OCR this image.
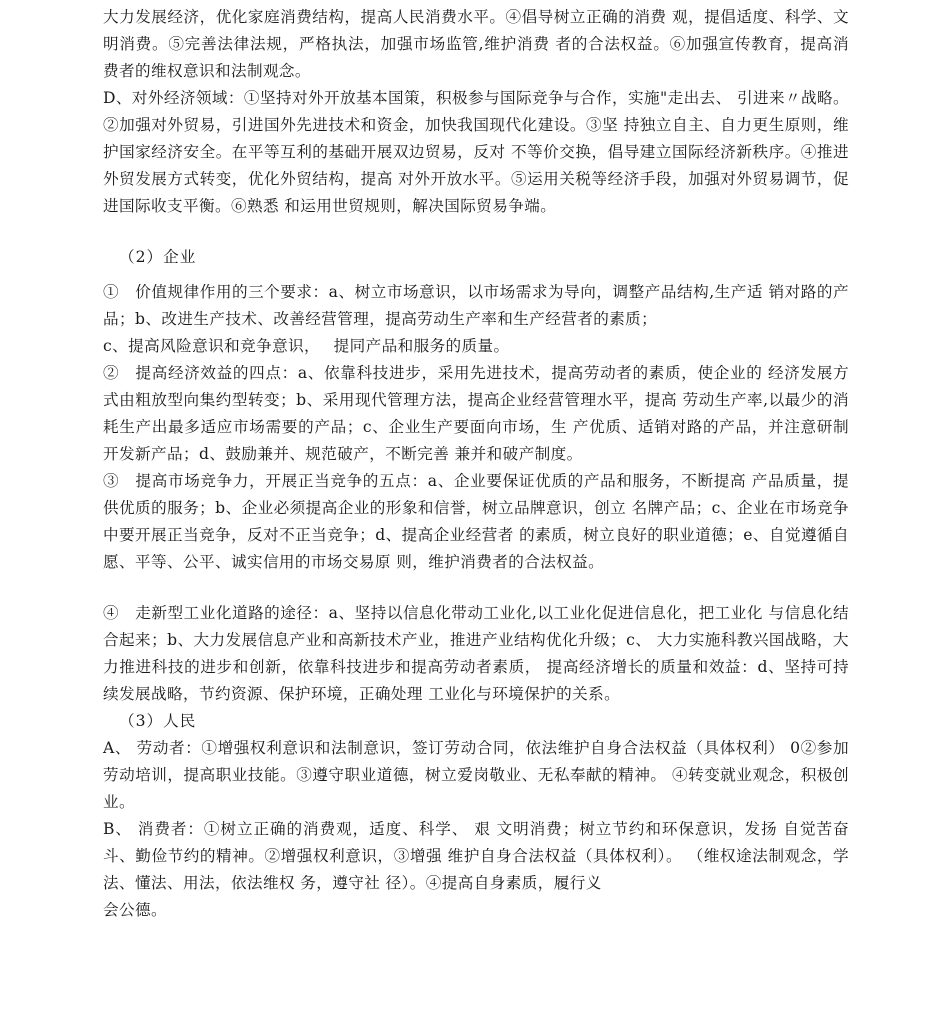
大力发展经济，优化家庭消费结构，提高人民消费水平。④倡导树立正确的消费 观，提倡适度、科学、文明消费。⑤完善法律法规，严格执法，加强市场监管,维护消费 者的合法权益。⑥加强宣传教育，提高消费者的维权意识和法制观念。

D、对外经济领域：①坚持对外开放基本国策，积极参与国际竞争与合作，实施"走出去、 引进来〃战略。②加强对外贸易，引进国外先进技术和资金，加快我国现代化建设。③坚 持独立自主、自力更生原则，维护国家经济安全。在平等互利的基础开展双边贸易，反对 不等价交换，倡导建立国际经济新秩序。④推进外贸发展方式转变，优化外贸结构，提高 对外开放水平。⑤运用关税等经济手段，加强对外贸易调节，促进国际收支平衡。⑥熟悉 和运用世贸规则，解决国际贸易争端。

（2）企业

①　价值规律作用的三个要求：a、树立市场意识，以市场需求为导向，调整产品结构,生产适 销对路的产品；b、改进生产技术、改善经营管理，提高劳动生产率和生产经营者的素质；

c、提高风险意识和竞争意识，　 提同产品和服务的质量。

②　提高经济效益的四点：a、依靠科技进步，采用先进技术，提高劳动者的素质，使企业的 经济发展方式由粗放型向集约型转变；b、采用现代管理方法，提高企业经营管理水平，提高 劳动生产率,以最少的消耗生产出最多适应市场需要的产品；c、企业生产要面向市场，生 产优质、适销对路的产品，并注意研制开发新产品；d、鼓励兼并、规范破产，不断完善 兼并和破产制度。

③　提高市场竞争力，开展正当竞争的五点：a、企业要保证优质的产品和服务，不断提高 产品质量，提供优质的服务；b、企业必须提高企业的形象和信誉，树立品牌意识，创立 名牌产品；c、企业在市场竞争中要开展正当竞争，反对不正当竞争；d、提高企业经营者 的素质，树立良好的职业道德；e、自觉遵循自愿、平等、公平、诚实信用的市场交易原 则，维护消费者的合法权益。

④　走新型工业化道路的途径：a、坚持以信息化带动工业化,以工业化促进信息化，把工业化 与信息化结合起来；b、大力发展信息产业和高新技术产业，推进产业结构优化升级；c、 大力实施科教兴国战略，大力推进科技的进步和创新，依靠科技进步和提高劳动者素质， 提高经济增长的质量和效益：d、坚持可持续发展战略，节约资源、保护环境，正确处理 工业化与环境保护的关系。

（3）人民

A、 劳动者：①增强权利意识和法制意识，签订劳动合同，依法维护自身合法权益（具体权利） 0②参加劳动培训，提高职业技能。③遵守职业道德，树立爱岗敬业、无私奉献的精神。 ④转变就业观念，积极创业。

B、 消费者：①树立正确的消费观，适度、科学、 艰 文明消费；树立节约和环保意识，发扬 自觉苦奋斗、勤俭节约的精神。②增强权利意识，③增强 维护自身合法权益（具体权利）。 （维权途法制观念，学法、懂法、用法，依法维权 务，遵守社 径）。④提高自身素质，履行义

会公德。
